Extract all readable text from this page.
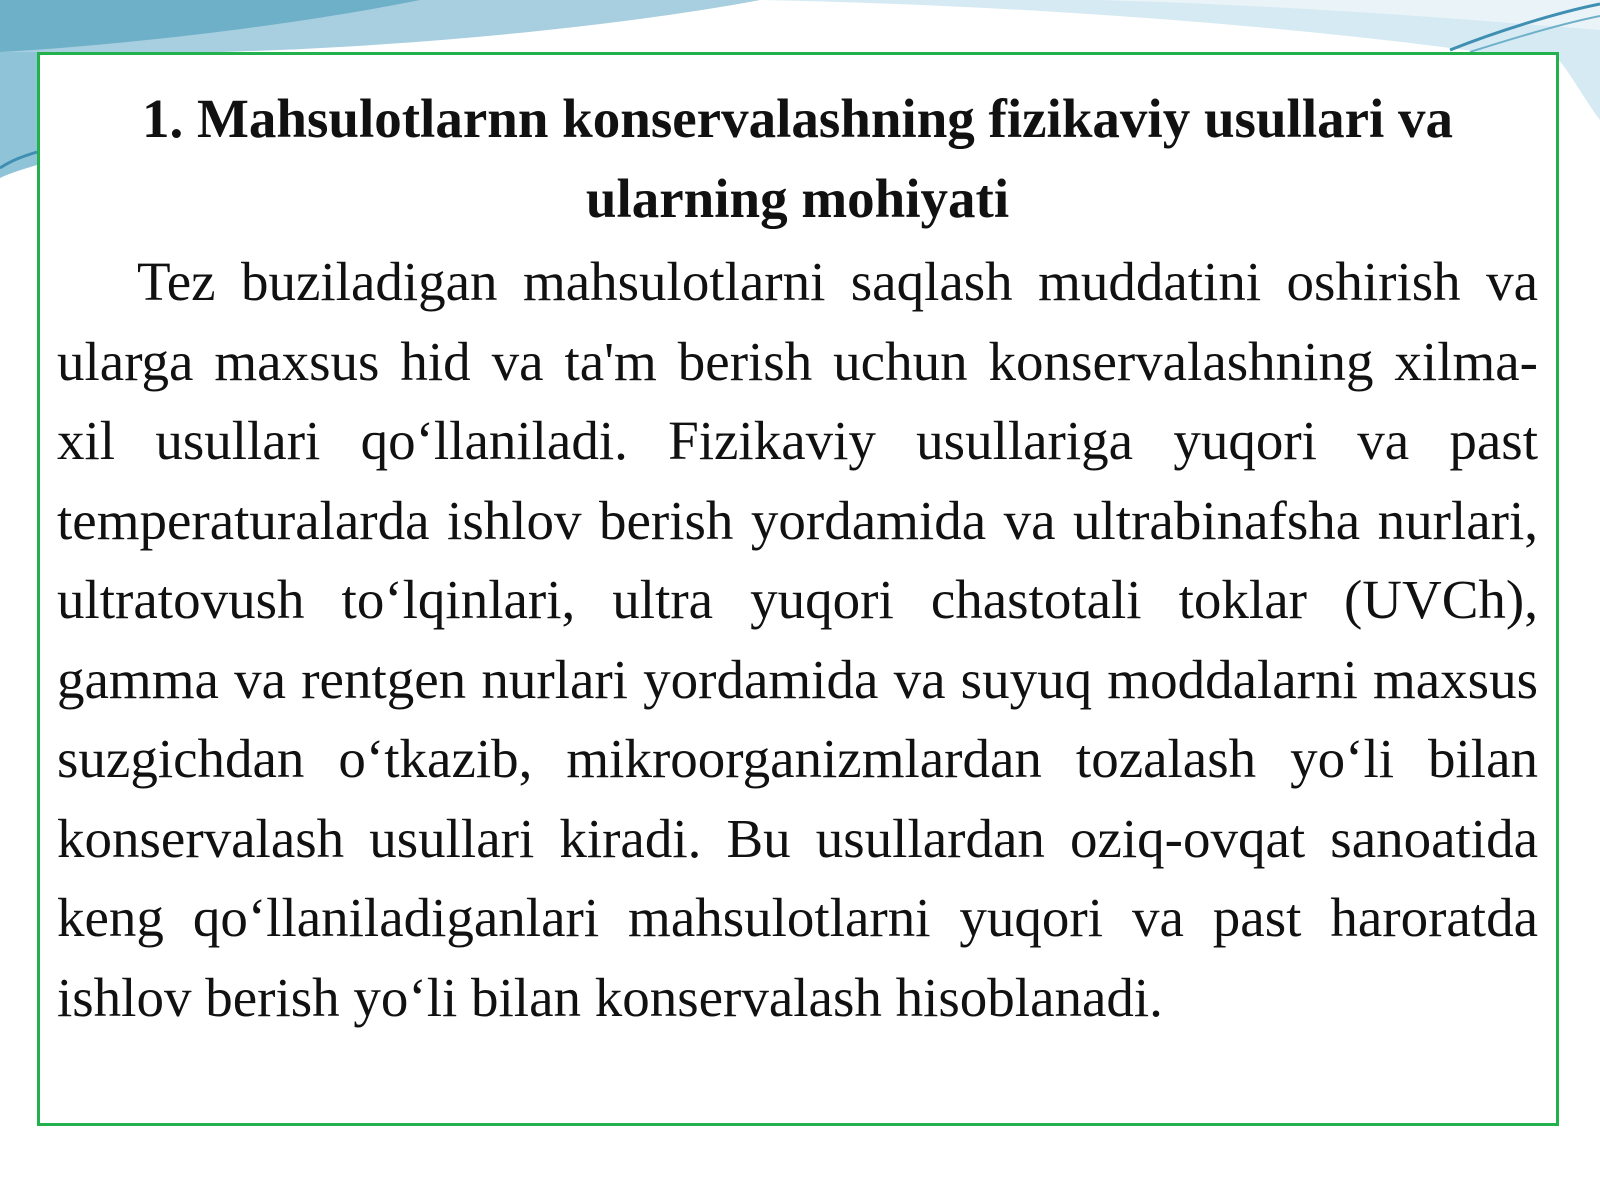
1. Mahsulotlarnn konservalashning fizikaviy usullari va ularning mohiyati

Tez buziladigan mahsulotlarni saqlash muddatini oshirish va ularga maxsus hid va ta'm berish uchun konservalashning xilma-xil usullari qo‘llaniladi. Fizikaviy usullariga yuqori va past temperaturalarda ishlov berish yordamida va ultrabinafsha nurlari, ultratovush to‘lqinlari, ultra yuqori chastotali toklar (UVCh), gamma va rentgen nurlari yordamida va suyuq moddalarni maxsus suzgichdan o‘tkazib, mikroorganizmlardan tozalash yo‘li bilan konservalash usullari kiradi. Bu usullardan oziq-ovqat sanoatida keng qo‘llaniladiganlari mahsulotlarni yuqori va past haroratda ishlov berish yo‘li bilan konservalash hisoblanadi.
